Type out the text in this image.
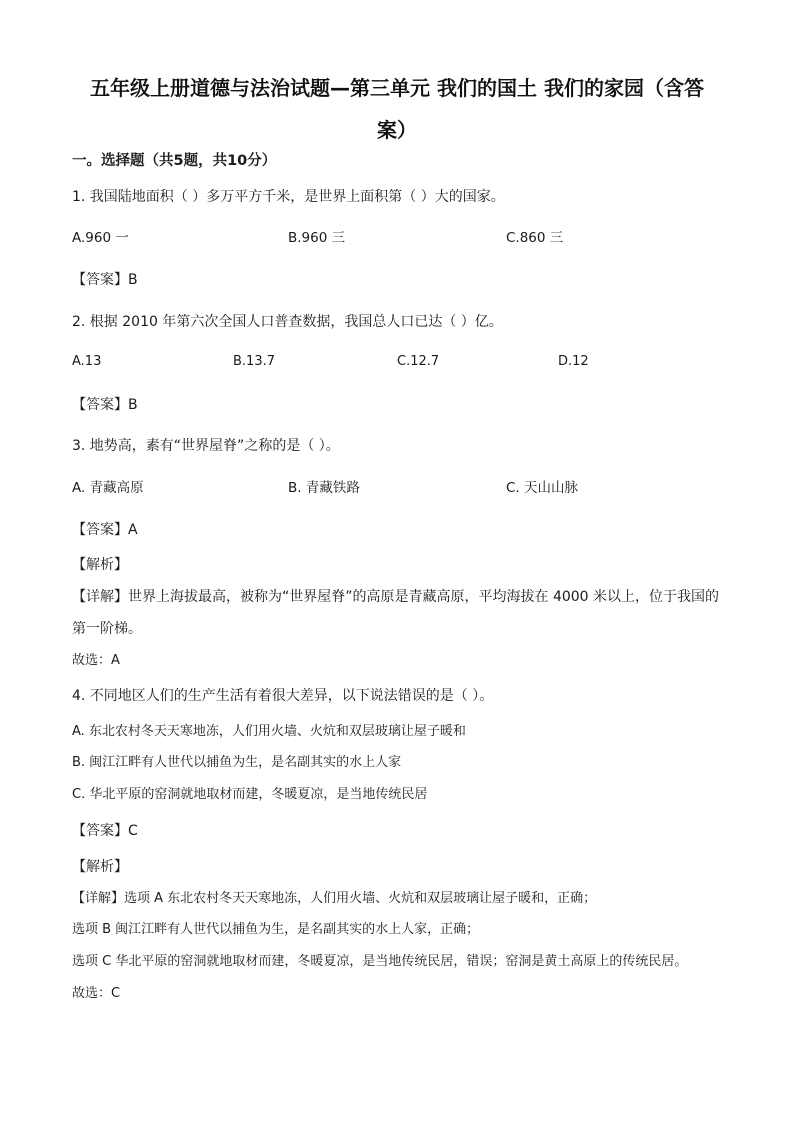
五年级上册道德与法治试题—第三单元 我们的国土 我们的家园（含答
案）
一。选择题（共5题，共10分）
1. 我国陆地面积（ ）多万平方千米，是世界上面积第（ ）大的国家。
A.960 一	B.960 三	C.860 三
【答案】B
2. 根据 2010 年第六次全国人口普查数据，我国总人口已达（ ）亿。
A.13	B.13.7	C.12.7	D.12
【答案】B
3. 地势高，素有“世界屋脊”之称的是（ ）。
A. 青藏高原	B. 青藏铁路	C. 天山山脉
【答案】A
【解析】
【详解】世界上海拔最高，被称为“世界屋脊”的高原是青藏高原，平均海拔在 4000 米以上，位于我国的
第一阶梯。
故选：A
4. 不同地区人们的生产生活有着很大差异，以下说法错误的是（ ）。
A. 东北农村冬天天寒地冻，人们用火墙、火炕和双层玻璃让屋子暖和
B. 闽江江畔有人世代以捕鱼为生，是名副其实的水上人家
C. 华北平原的窑洞就地取材而建，冬暖夏凉，是当地传统民居
【答案】C
【解析】
【详解】选项 A 东北农村冬天天寒地冻，人们用火墙、火炕和双层玻璃让屋子暖和，正确；
选项 B 闽江江畔有人世代以捕鱼为生，是名副其实的水上人家，正确；
选项 C 华北平原的窑洞就地取材而建，冬暖夏凉，是当地传统民居，错误；窑洞是黄土高原上的传统民居。
故选：C
